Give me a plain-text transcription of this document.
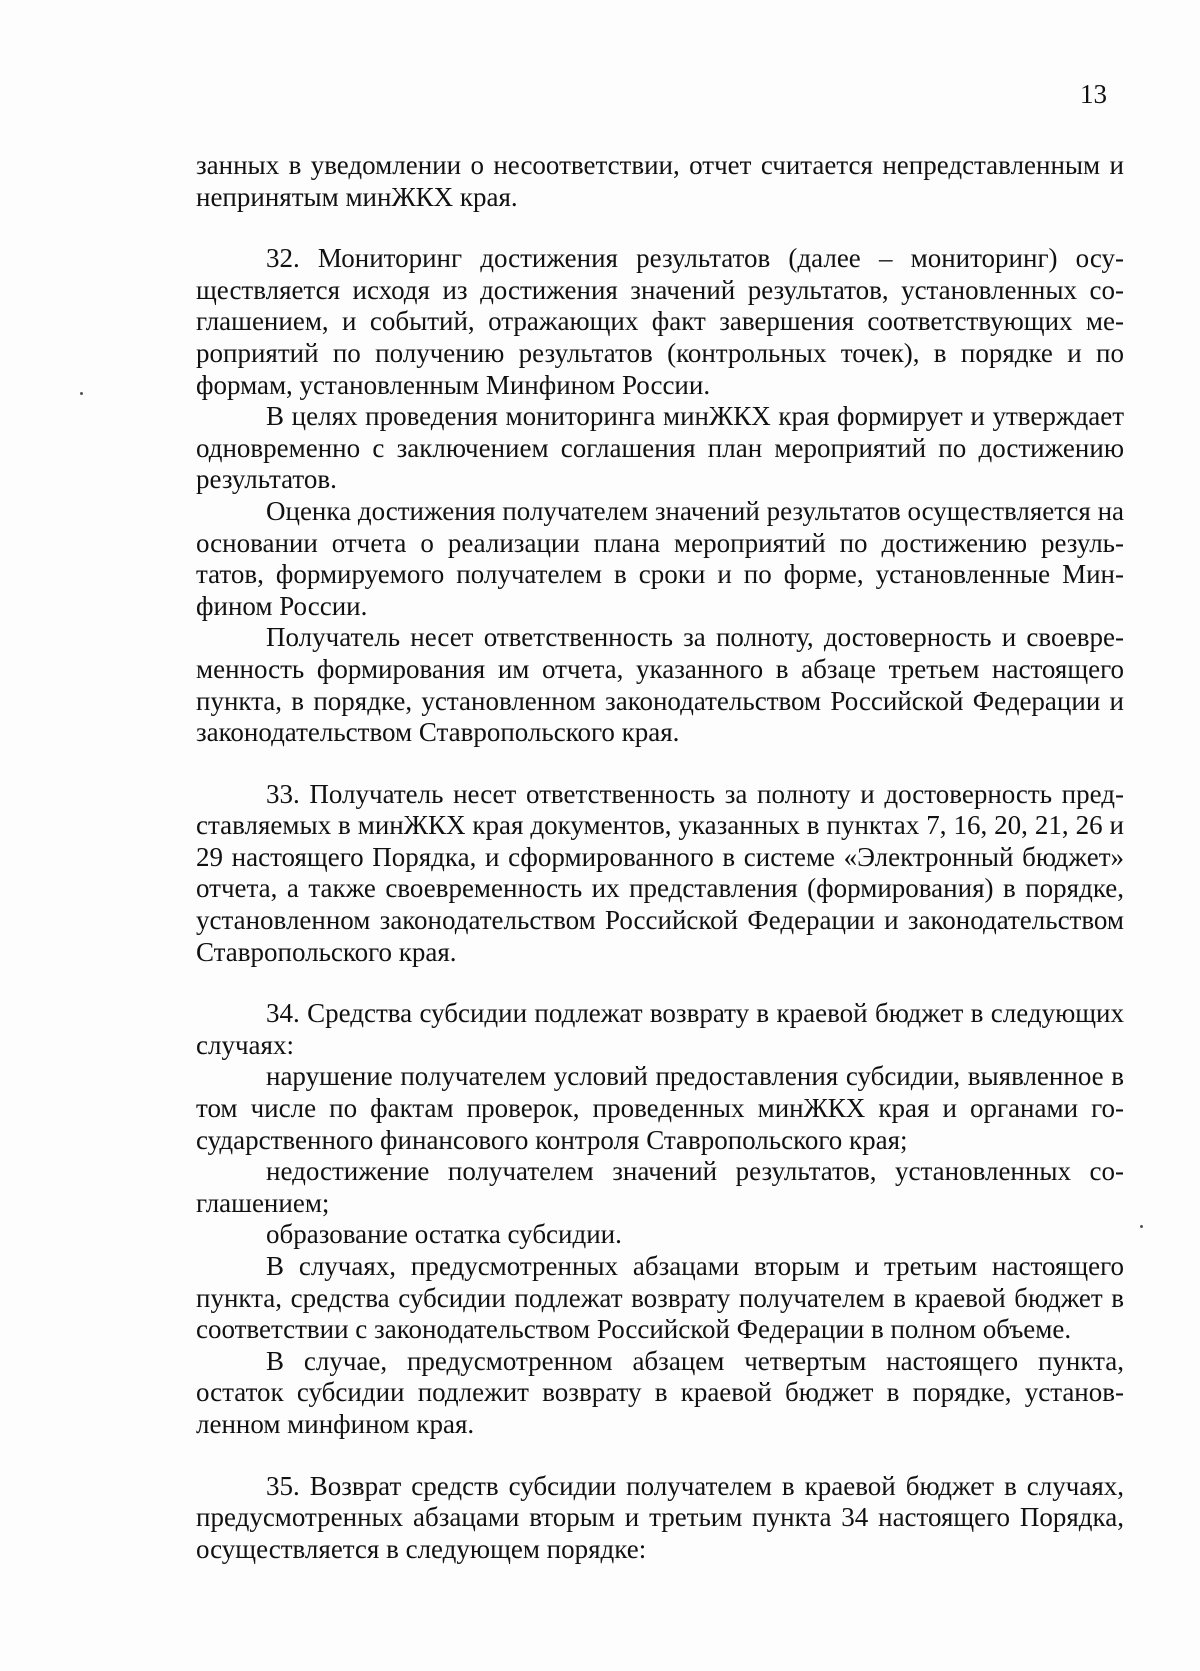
13

занных в уведомлении о несоответствии, отчет считается непредставленным и непринятым минЖКХ края.

32. Мониторинг достижения результатов (далее – мониторинг) осуществляется исходя из достижения значений результатов, установленных соглашением, и событий, отражающих факт завершения соответствующих мероприятий по получению результатов (контрольных точек), в порядке и по формам, установленным Минфином России.

В целях проведения мониторинга минЖКХ края формирует и утверждает одновременно с заключением соглашения план мероприятий по достижению результатов.

Оценка достижения получателем значений результатов осуществляется на основании отчета о реализации плана мероприятий по достижению результатов, формируемого получателем в сроки и по форме, установленные Минфином России.

Получатель несет ответственность за полноту, достоверность и своевременность формирования им отчета, указанного в абзаце третьем настоящего пункта, в порядке, установленном законодательством Российской Федерации и законодательством Ставропольского края.

33. Получатель несет ответственность за полноту и достоверность представляемых в минЖКХ края документов, указанных в пунктах 7, 16, 20, 21, 26 и 29 настоящего Порядка, и сформированного в системе «Электронный бюджет» отчета, а также своевременность их представления (формирования) в порядке, установленном законодательством Российской Федерации и законодательством Ставропольского края.

34. Средства субсидии подлежат возврату в краевой бюджет в следующих случаях:

нарушение получателем условий предоставления субсидии, выявленное в том числе по фактам проверок, проведенных минЖКХ края и органами государственного финансового контроля Ставропольского края;

недостижение получателем значений результатов, установленных соглашением;

образование остатка субсидии.

В случаях, предусмотренных абзацами вторым и третьим настоящего пункта, средства субсидии подлежат возврату получателем в краевой бюджет в соответствии с законодательством Российской Федерации в полном объеме.

В случае, предусмотренном абзацем четвертым настоящего пункта, остаток субсидии подлежит возврату в краевой бюджет в порядке, установленном минфином края.

35. Возврат средств субсидии получателем в краевой бюджет в случаях, предусмотренных абзацами вторым и третьим пункта 34 настоящего Порядка, осуществляется в следующем порядке:
